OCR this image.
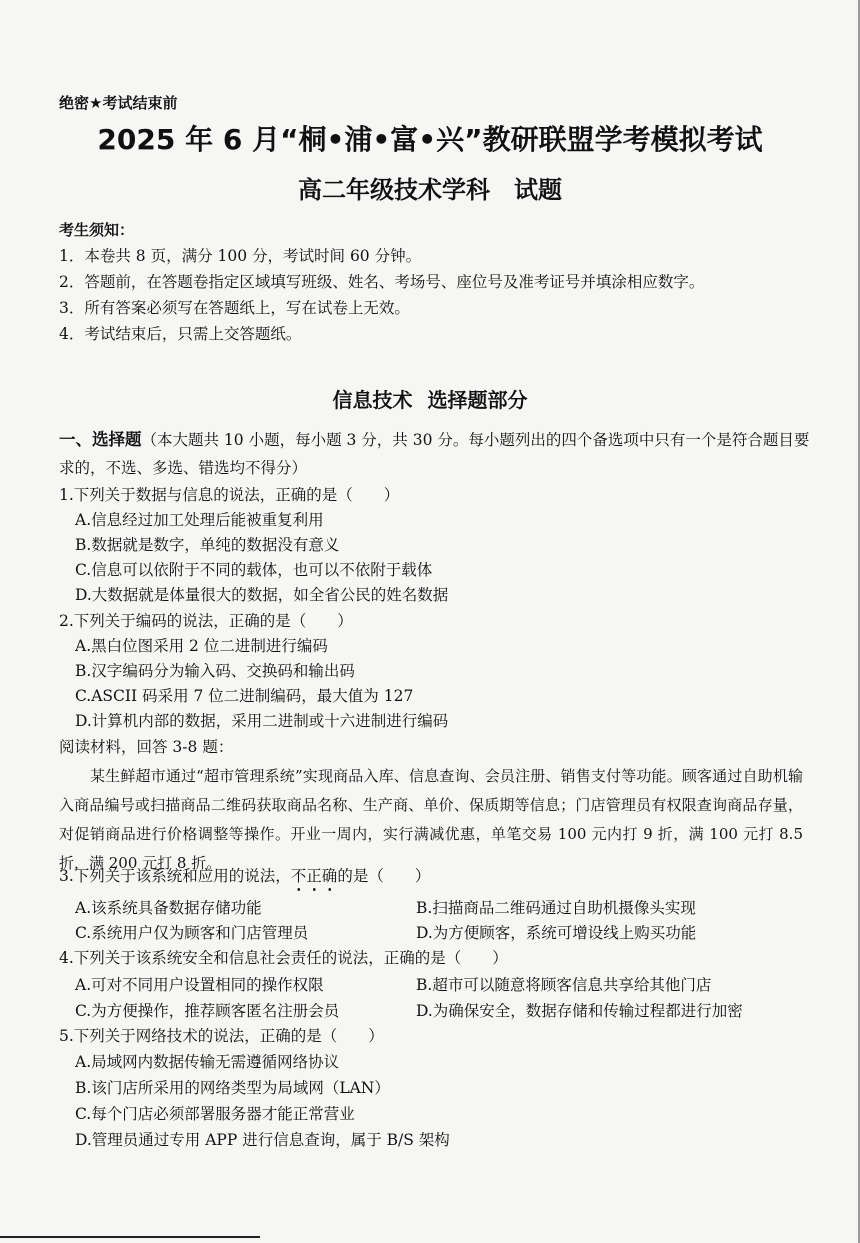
绝密★考试结束前
2025 年 6 月“桐•浦•富•兴”教研联盟学考模拟考试
高二年级技术学科　试题
考生须知：
1．本卷共 8 页，满分 100 分，考试时间 60 分钟。
2．答题前，在答题卷指定区域填写班级、姓名、考场号、座位号及准考证号并填涂相应数字。
3．所有答案必须写在答题纸上，写在试卷上无效。
4．考试结束后，只需上交答题纸。
信息技术 选择题部分
一、选择题（本大题共 10 小题，每小题 3 分，共 30 分。每小题列出的四个备选项中只有一个是符合题目要求的，不选、多选、错选均不得分）
1.下列关于数据与信息的说法，正确的是（　　）
A.信息经过加工处理后能被重复利用
B.数据就是数字，单纯的数据没有意义
C.信息可以依附于不同的载体，也可以不依附于载体
D.大数据就是体量很大的数据，如全省公民的姓名数据
2.下列关于编码的说法，正确的是（　　）
A.黑白位图采用 2 位二进制进行编码
B.汉字编码分为输入码、交换码和输出码
C.ASCII 码采用 7 位二进制编码，最大值为 127
D.计算机内部的数据，采用二进制或十六进制进行编码
阅读材料，回答 3-8 题：
某生鲜超市通过“超市管理系统”实现商品入库、信息查询、会员注册、销售支付等功能。顾客通过自助机输入商品编号或扫描商品二维码获取商品名称、生产商、单价、保质期等信息；门店管理员有权限查询商品存量，对促销商品进行价格调整等操作。开业一周内，实行满减优惠，单笔交易 100 元内打 9 折，满 100 元打 8.5 折，满 200 元打 8 折。
3.下列关于该系统和应用的说法，不正确的是（　　）
A.该系统具备数据存储功能	B.扫描商品二维码通过自助机摄像头实现
C.系统用户仅为顾客和门店管理员	D.为方便顾客，系统可增设线上购买功能
4.下列关于该系统安全和信息社会责任的说法，正确的是（　　）
A.可对不同用户设置相同的操作权限	B.超市可以随意将顾客信息共享给其他门店
C.为方便操作，推荐顾客匿名注册会员	D.为确保安全，数据存储和传输过程都进行加密
5.下列关于网络技术的说法，正确的是（　　）
A.局域网内数据传输无需遵循网络协议
B.该门店所采用的网络类型为局域网（LAN）
C.每个门店必须部署服务器才能正常营业
D.管理员通过专用 APP 进行信息查询，属于 B/S 架构
